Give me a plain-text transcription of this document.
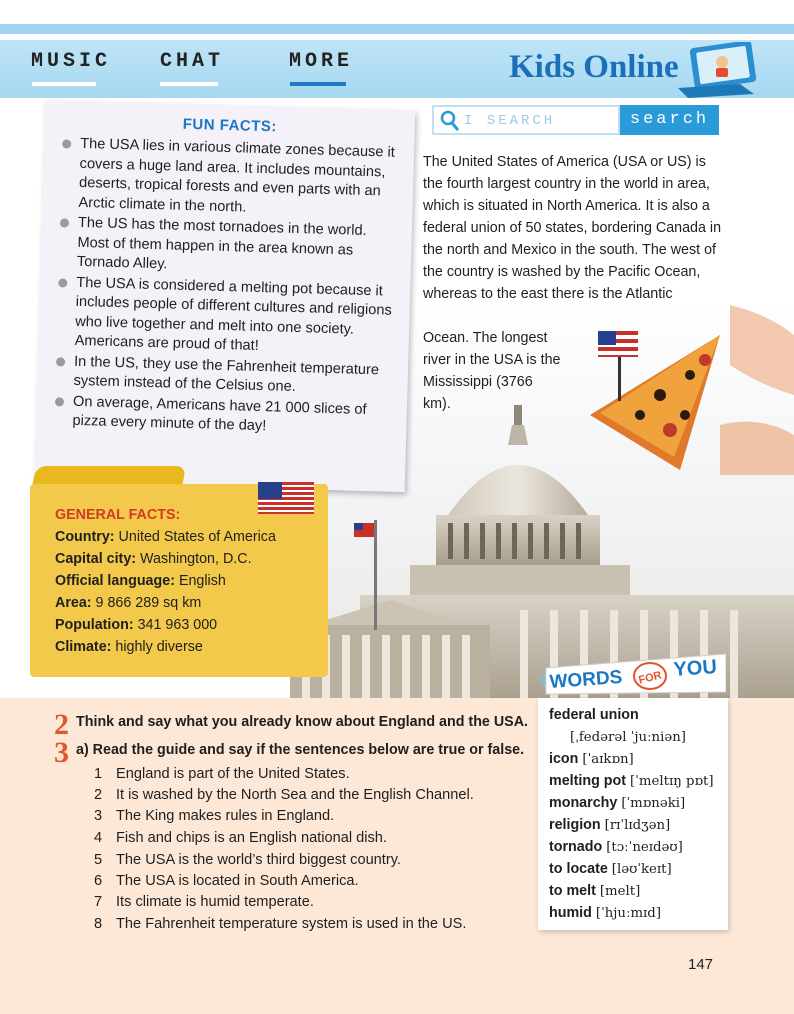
MUSIC CHAT	MORE	Kids Online
FUN FACTS:
The USA lies in various climate zones because it covers a huge land area. It includes mountains, deserts, tropical forests and even parts with an Arctic climate in the north.
The US has the most tornadoes in the world. Most of them happen in the area known as Tornado Alley.
The USA is considered a melting pot because it includes people of different cultures and religions who live together and melt into one society. Americans are proud of that!
In the US, they use the Fahrenheit temperature system instead of the Celsius one.
On average, Americans have 21 000 slices of pizza every minute of the day!
I SEARCH
search
The United States of America (USA or US) is the fourth largest country in the world in area, which is situated in North America. It is also a federal union of 50 states, bordering Canada in the north and Mexico in the south. The west of the country is washed by the Pacific Ocean, whereas to the east there is the Atlantic
Ocean. The longest river in the USA is the Mississippi (3766 km).
GENERAL FACTS:
Country: United States of America
Capital city: Washington, D.C.
Official language: English
Area: 9 866 289 sq km
Population: 341 963 000
Climate: highly diverse
2 Think and say what you already know about England and the USA.
3 a) Read the guide and say if the sentences below are true or false.
1 England is part of the United States.
2 It is washed by the North Sea and the English Channel.
3 The King makes rules in England.
4 Fish and chips is an English national dish.
5 The USA is the world’s third biggest country.
6 The USA is located in South America.
7 Its climate is humid temperate.
8 The Fahrenheit temperature system is used in the US.
WORDS FOR YOU
federal union
[ˌfedərəl ˈjuːniən]
icon [ˈaɪkɒn]
melting pot [ˈmeltɪŋ pɒt]
monarchy [ˈmɒnəki]
religion [rɪˈlɪdʒən]
tornado [tɔːˈneɪdəʊ]
to locate [ləʊˈkeɪt]
to melt [melt]
humid [ˈhjuːmɪd]
147
